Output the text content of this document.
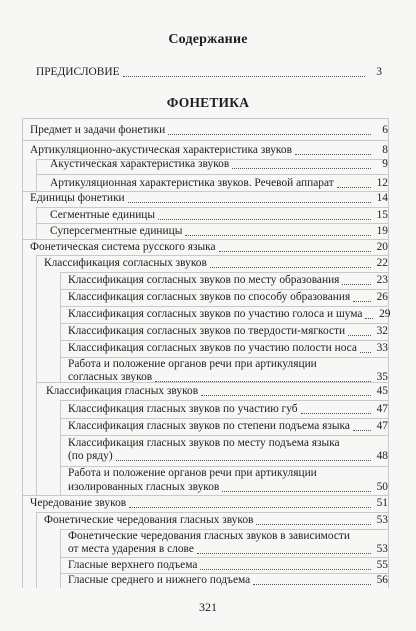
Содержание
ПРЕДИСЛОВИЕ	3
ФОНЕТИКА
Предмет и задачи фонетики	6
Артикуляционно-акустическая характеристика звуков	8
Акустическая характеристика звуков	9
Артикуляционная характеристика звуков. Речевой аппарат	12
Единицы фонетики	14
Сегментные единицы	15
Суперсегментные единицы	19
Фонетическая система русского языка	20
Классификация согласных звуков	22
Классификация согласных звуков по месту образования	23
Классификация согласных звуков по способу образования 26
Классификация согласных звуков по участию голоса и шума 29
Классификация согласных звуков по твердости-мягкости	32
Классификация согласных звуков по участию полости носа 33
Работа и положение органов речи при артикуляции
согласных звуков	35
Классификация гласных звуков	45
Классификация гласных звуков по участию губ	47
Классификация гласных звуков по степени подъема языка 47
Классификация гласных звуков по месту подъема языка
(по ряду)	48
Работа и положение органов речи при артикуляции
изолированных гласных звуков	50
Чередование звуков	51
Фонетические чередования гласных звуков	53
Фонетические чередования гласных звуков в зависимости
от места ударения в слове	53
Гласные верхнего подъема	55
Гласные среднего и нижнего подъема	56
321
